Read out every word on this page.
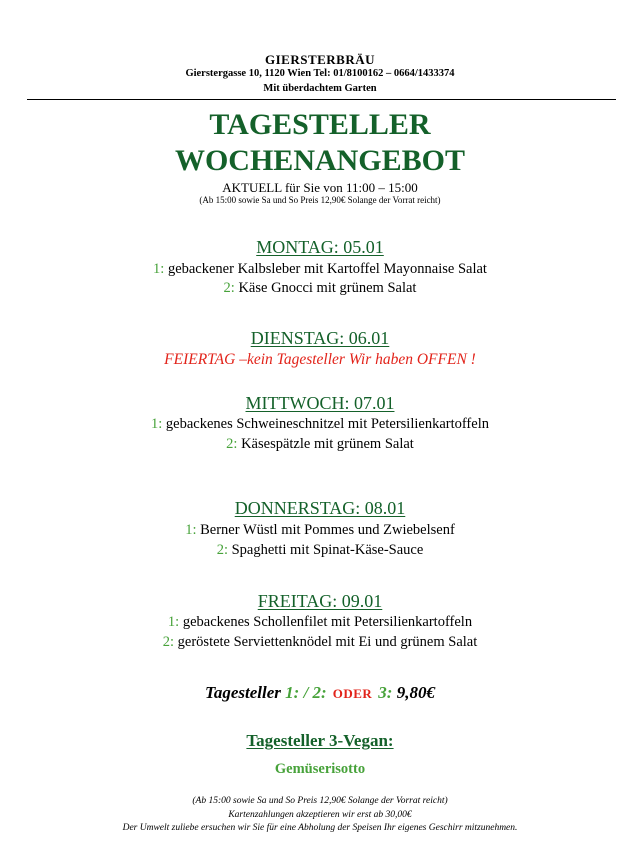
GIERSTERBRÄU
Gierstergasse 10, 1120 Wien Tel: 01/8100162 – 0664/1433374
Mit überdachtem Garten
TAGESTELLER
WOCHENANGEBOT
AKTUELL für Sie von 11:00 – 15:00
(Ab 15:00 sowie Sa und So Preis 12,90€ Solange der Vorrat reicht)
MONTAG: 05.01
1: gebackener Kalbsleber mit Kartoffel Mayonnaise Salat
2: Käse Gnocci mit grünem Salat
DIENSTAG: 06.01
FEIERTAG –kein Tagesteller Wir haben OFFEN !
MITTWOCH: 07.01
1: gebackenes Schweineschnitzel mit Petersilienkartoffeln
2: Käsespätzle mit grünem Salat
DONNERSTAG: 08.01
1: Berner Wüstl mit Pommes und Zwiebelsenf
2: Spaghetti mit Spinat-Käse-Sauce
FREITAG: 09.01
1: gebackenes Schollenfilet mit Petersilienkartoffeln
2: geröstete Serviettenknödel mit Ei und grünem Salat
Tagesteller 1: / 2: ODER 3: 9,80€
Tagesteller 3-Vegan:
Gemüserisotto
(Ab 15:00 sowie Sa und So Preis 12,90€ Solange der Vorrat reicht)
Kartenzahlungen akzeptieren wir erst ab 30,00€
Der Umwelt zuliebe ersuchen wir Sie für eine Abholung der Speisen Ihr eigenes Geschirr mitzunehmen.
